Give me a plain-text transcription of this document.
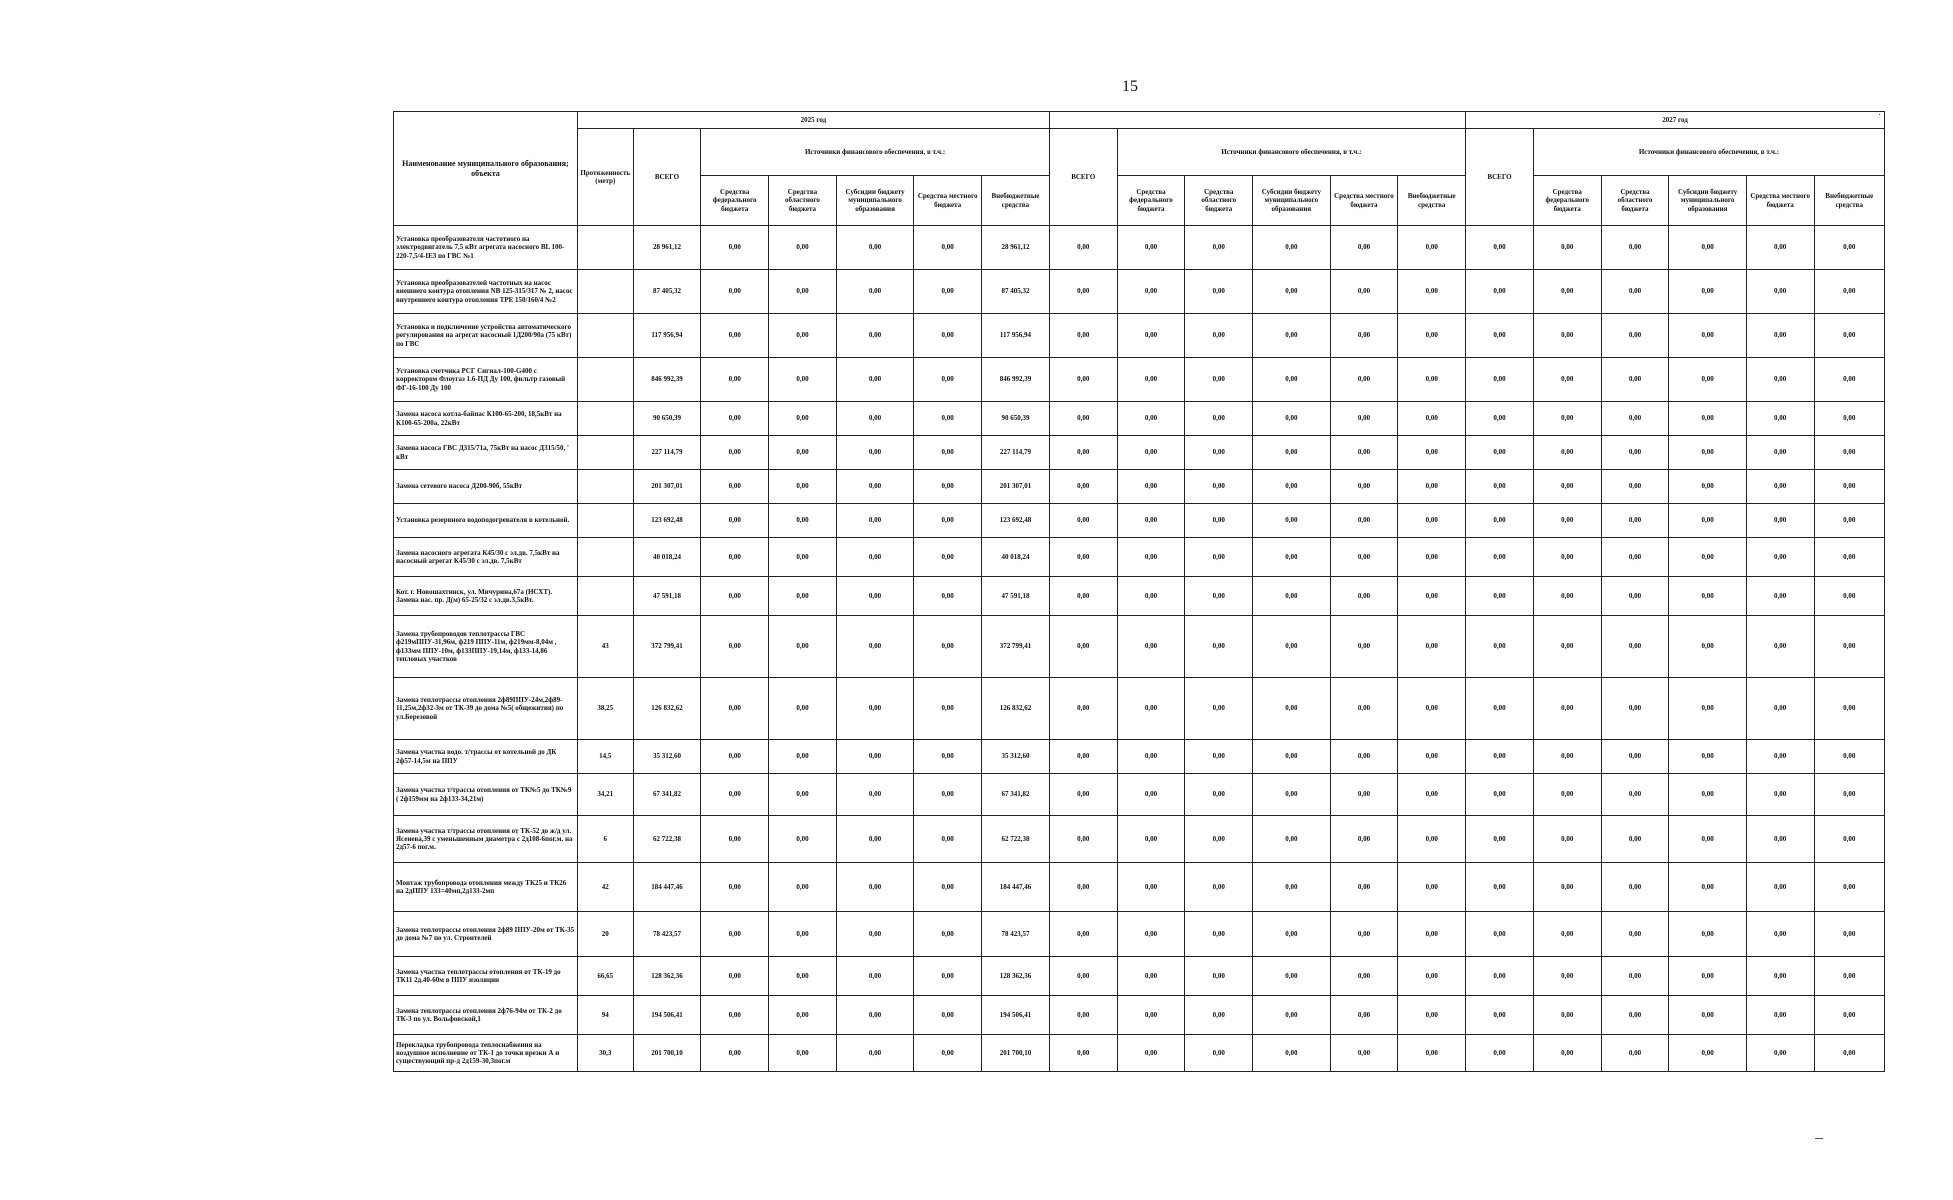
15
˙
Наименование муниципального образования; объекта	2025 год													2027 год					
	Протяженность (метр)	ВСЕГО	Источники финансового обеспечения, в т.ч.:					ВСЕГО	Источники финансового обеспечения, в т.ч.:					ВСЕГО	Источники финансового обеспечения, в т.ч.:				
			Средства федерального бюджета	Средства областного бюджета	Субсидии бюджету муниципального образования	Средства местного бюджета	Внебюджетные средства		Средства федерального бюджета	Средства областного бюджета	Субсидии бюджету муниципального образования	Средства местного бюджета	Внебюджетные средства		Средства федерального бюджета	Средства областного бюджета	Субсидии бюджету муниципального образования	Средства местного бюджета	Внебюджетные средства
Установка преобразователя частотного на электродвигатель 7,5 кВт агрегата насосного BL 100-220-7,5/4-IE3 по ГВС №1		28 961,12	0,00	0,00	0,00	0,00	28 961,12	0,00	0,00	0,00	0,00	0,00	0,00	0,00	0,00	0,00	0,00	0,00	0,00
Установка преобразователей частотных на насос внешнего контура отопления NB 125-315/317 № 2, насос внутреннего контура отопления TPE 150/160/4 №2		87 405,32	0,00	0,00	0,00	0,00	87 405,32	0,00	0,00	0,00	0,00	0,00	0,00	0,00	0,00	0,00	0,00	0,00	0,00
Установка и подключение устройства автоматического регулирования на агрегат насосный 1Д200/90а (75 кВт) по ГВС		117 956,94	0,00	0,00	0,00	0,00	117 956,94	0,00	0,00	0,00	0,00	0,00	0,00	0,00	0,00	0,00	0,00	0,00	0,00
Установка счетчика РСГ Сигнал-100-G400 с корректором Флоугаз 1.6-ПД Ду 100, фильтр газовый ФГ-16-100 Ду 100		846 992,39	0,00	0,00	0,00	0,00	846 992,39	0,00	0,00	0,00	0,00	0,00	0,00	0,00	0,00	0,00	0,00	0,00	0,00
Замена насоса котла-байпас К100-65-200, 18,5кВт на К100-65-200а, 22кВт		90 650,39	0,00	0,00	0,00	0,00	90 650,39	0,00	0,00	0,00	0,00	0,00	0,00	0,00	0,00	0,00	0,00	0,00	0,00
Замена насоса ГВС Д315/71а, 75кВт на насос Д315/50, ' кВт		227 114,79	0,00	0,00	0,00	0,00	227 114,79	0,00	0,00	0,00	0,00	0,00	0,00	0,00	0,00	0,00	0,00	0,00	0,00
Замена сетевого насоса Д200-90б, 55кВт		201 307,01	0,00	0,00	0,00	0,00	201 307,01	0,00	0,00	0,00	0,00	0,00	0,00	0,00	0,00	0,00	0,00	0,00	0,00
Установка резервного водоподогревателя в котельной.		123 692,48	0,00	0,00	0,00	0,00	123 692,48	0,00	0,00	0,00	0,00	0,00	0,00	0,00	0,00	0,00	0,00	0,00	0,00
Замена насосного агрегата К45/30 с эл.дв. 7,5кВт на насосный агрегат К45/30 с эл.дв. 7,5кВт		40 018,24	0,00	0,00	0,00	0,00	40 018,24	0,00	0,00	0,00	0,00	0,00	0,00	0,00	0,00	0,00	0,00	0,00	0,00
Кот. г. Новошахтинск, ул. Мичурина,67а (НСХТ). Замена нас. пр. Д(м) 65-25/32 с эл.дв.3,5кВт.		47 591,18	0,00	0,00	0,00	0,00	47 591,18	0,00	0,00	0,00	0,00	0,00	0,00	0,00	0,00	0,00	0,00	0,00	0,00
Замена трубопроводов теплотрассы ГВС ф219мППУ-31,96м, ф219 ППУ-11м, ф219мм-8,04м , ф133мм ППУ-10м, ф133ППУ-19,14м, ф133-14,86 тепловых участков	43	372 799,41	0,00	0,00	0,00	0,00	372 799,41	0,00	0,00	0,00	0,00	0,00	0,00	0,00	0,00	0,00	0,00	0,00	0,00
Замена теплотрассы отопления 2ф89ППУ-24м,2ф89-11,25м,2ф32-3м от ТК-39 до дома №5( общежития) по ул.Березовой	38,25	126 832,62	0,00	0,00	0,00	0,00	126 832,62	0,00	0,00	0,00	0,00	0,00	0,00	0,00	0,00	0,00	0,00	0,00	0,00
Замена участка водо. т/трассы от котельной до ДК 2ф57-14,5м на ППУ	14,5	35 312,60	0,00	0,00	0,00	0,00	35 312,60	0,00	0,00	0,00	0,00	0,00	0,00	0,00	0,00	0,00	0,00	0,00	0,00
Замена участка т/трассы отопления от ТК№5 до ТК№9 ( 2ф159мм на 2ф133-34,21м)	34,21	67 341,82	0,00	0,00	0,00	0,00	67 341,82	0,00	0,00	0,00	0,00	0,00	0,00	0,00	0,00	0,00	0,00	0,00	0,00
Замена участка т/трассы отопления от ТК-52 до ж/д ул. Ясенева,39 с уменьшенным диаметра с 2д108-6пог.м. на 2д57-6 пог.м.	6	62 722,38	0,00	0,00	0,00	0,00	62 722,38	0,00	0,00	0,00	0,00	0,00	0,00	0,00	0,00	0,00	0,00	0,00	0,00
Монтаж трубопровода отопления между ТК25 и ТК26 на 2дППУ 133=40мп,2д133-2мп	42	184 447,46	0,00	0,00	0,00	0,00	184 447,46	0,00	0,00	0,00	0,00	0,00	0,00	0,00	0,00	0,00	0,00	0,00	0,00
Замена теплотрассы отопления 2ф89 ППУ-20м от ТК-35 до дома №7 по ул. Строителей	20	78 423,57	0,00	0,00	0,00	0,00	78 423,57	0,00	0,00	0,00	0,00	0,00	0,00	0,00	0,00	0,00	0,00	0,00	0,00
Замена участка теплотрассы отопления от ТК-19 до ТК11 2д.40-60м в ППУ изоляции	66,65	128 362,36	0,00	0,00	0,00	0,00	128 362,36	0,00	0,00	0,00	0,00	0,00	0,00	0,00	0,00	0,00	0,00	0,00	0,00
Замена теплотрассы отопления 2ф76-94м от ТК-2 до ТК-3 по ул. Вольфовской,1	94	194 506,41	0,00	0,00	0,00	0,00	194 506,41	0,00	0,00	0,00	0,00	0,00	0,00	0,00	0,00	0,00	0,00	0,00	0,00
Перекладка трубопровода теплоснабжения на воздушное исполнение от ТК-1 до точки врезки А и существующий пр-д 2д159-30,3пог.м	30,3	201 700,10	0,00	0,00	0,00	0,00	201 700,10	0,00	0,00	0,00	0,00	0,00	0,00	0,00	0,00	0,00	0,00	0,00	0,00
